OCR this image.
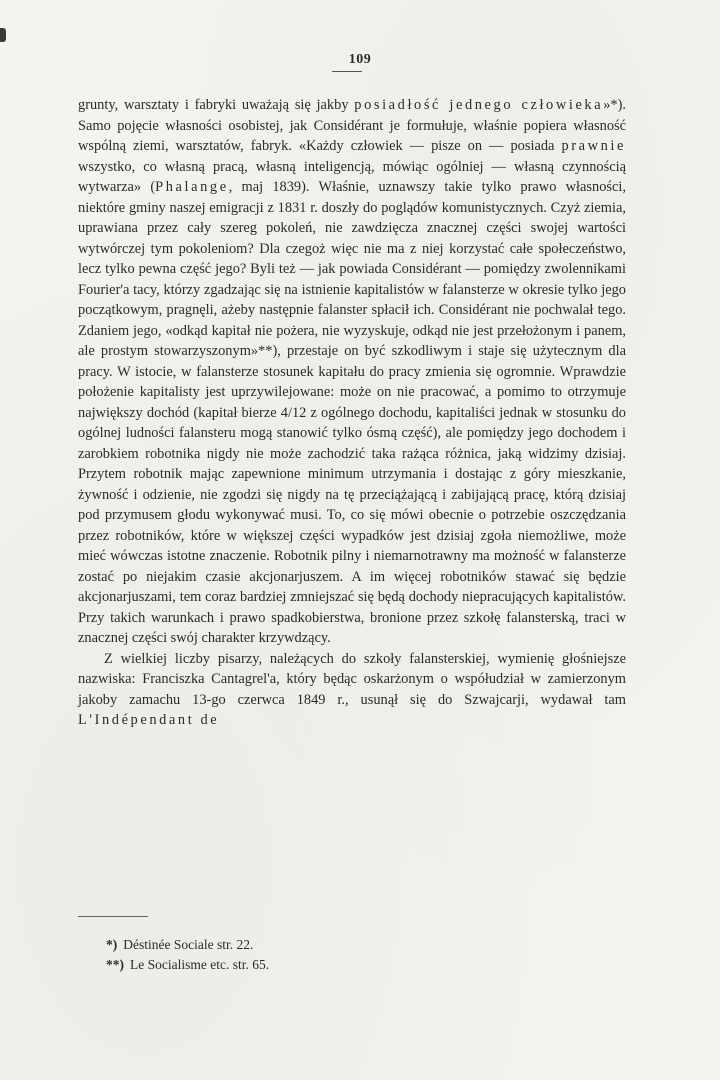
109

grunty, warsztaty i fabryki uważają się jakby posiadłość jednego człowieka»*). Samo pojęcie własności osobistej, jak Considérant je formułuje, właśnie popiera własność wspólną ziemi, warsztatów, fabryk. «Każdy człowiek — pisze on — posiada prawnie wszystko, co własną pracą, własną inteligencją, mówiąc ogólniej — własną czynnością wytwarza» (Phalange, maj 1839). Właśnie, uznawszy takie tylko prawo własności, niektóre gminy naszej emigracji z 1831 r. doszły do poglądów komunistycznych. Czyż ziemia, uprawiana przez cały szereg pokoleń, nie zawdzięcza znacznej części swojej wartości wytwórczej tym pokoleniom? Dla czegoż więc nie ma z niej korzystać całe społeczeństwo, lecz tylko pewna część jego? Byli też — jak powiada Considérant — pomiędzy zwolennikami Fourier'a tacy, którzy zgadzając się na istnienie kapitalistów w falansterze w okresie tylko jego początkowym, pragnęli, ażeby następnie falanster spłacił ich. Considérant nie pochwalał tego. Zdaniem jego, «odkąd kapitał nie pożera, nie wyzyskuje, odkąd nie jest przełożonym i panem, ale prostym stowarzyszonym»**), przestaje on być szkodliwym i staje się użytecznym dla pracy. W istocie, w falansterze stosunek kapitału do pracy zmienia się ogromnie. Wprawdzie położenie kapitalisty jest uprzywilejowane: może on nie pracować, a pomimo to otrzymuje największy dochód (kapitał bierze 4/12 z ogólnego dochodu, kapitaliści jednak w stosunku do ogólnej ludności falansteru mogą stanowić tylko ósmą część), ale pomiędzy jego dochodem i zarobkiem robotnika nigdy nie może zachodzić taka rażąca różnica, jaką widzimy dzisiaj. Przytem robotnik mając zapewnione minimum utrzymania i dostając z góry mieszkanie, żywność i odzienie, nie zgodzi się nigdy na tę przeciążającą i zabijającą pracę, którą dzisiaj pod przymusem głodu wykonywać musi. To, co się mówi obecnie o potrzebie oszczędzania przez robotników, które w większej części wypadków jest dzisiaj zgoła niemożliwe, może mieć wówczas istotne znaczenie. Robotnik pilny i niemarnotrawny ma możność w falansterze zostać po niejakim czasie akcjonarjuszem. A im więcej robotników stawać się będzie akcjonarjuszami, tem coraz bardziej zmniejszać się będą dochody niepracujących kapitalistów. Przy takich warunkach i prawo spadkobierstwa, bronione przez szkołę falansterską, traci w znacznej części swój charakter krzywdzący.

Z wielkiej liczby pisarzy, należących do szkoły falansterskiej, wymienię głośniejsze nazwiska: Franciszka Cantagrel'a, który będąc oskarżonym o współudział w zamierzonym jakoby zamachu 13-go czerwca 1849 r., usunął się do Szwajcarji, wydawał tam L'Indépendant de

*) Déstinée Sociale str. 22.
**) Le Socialisme etc. str. 65.
